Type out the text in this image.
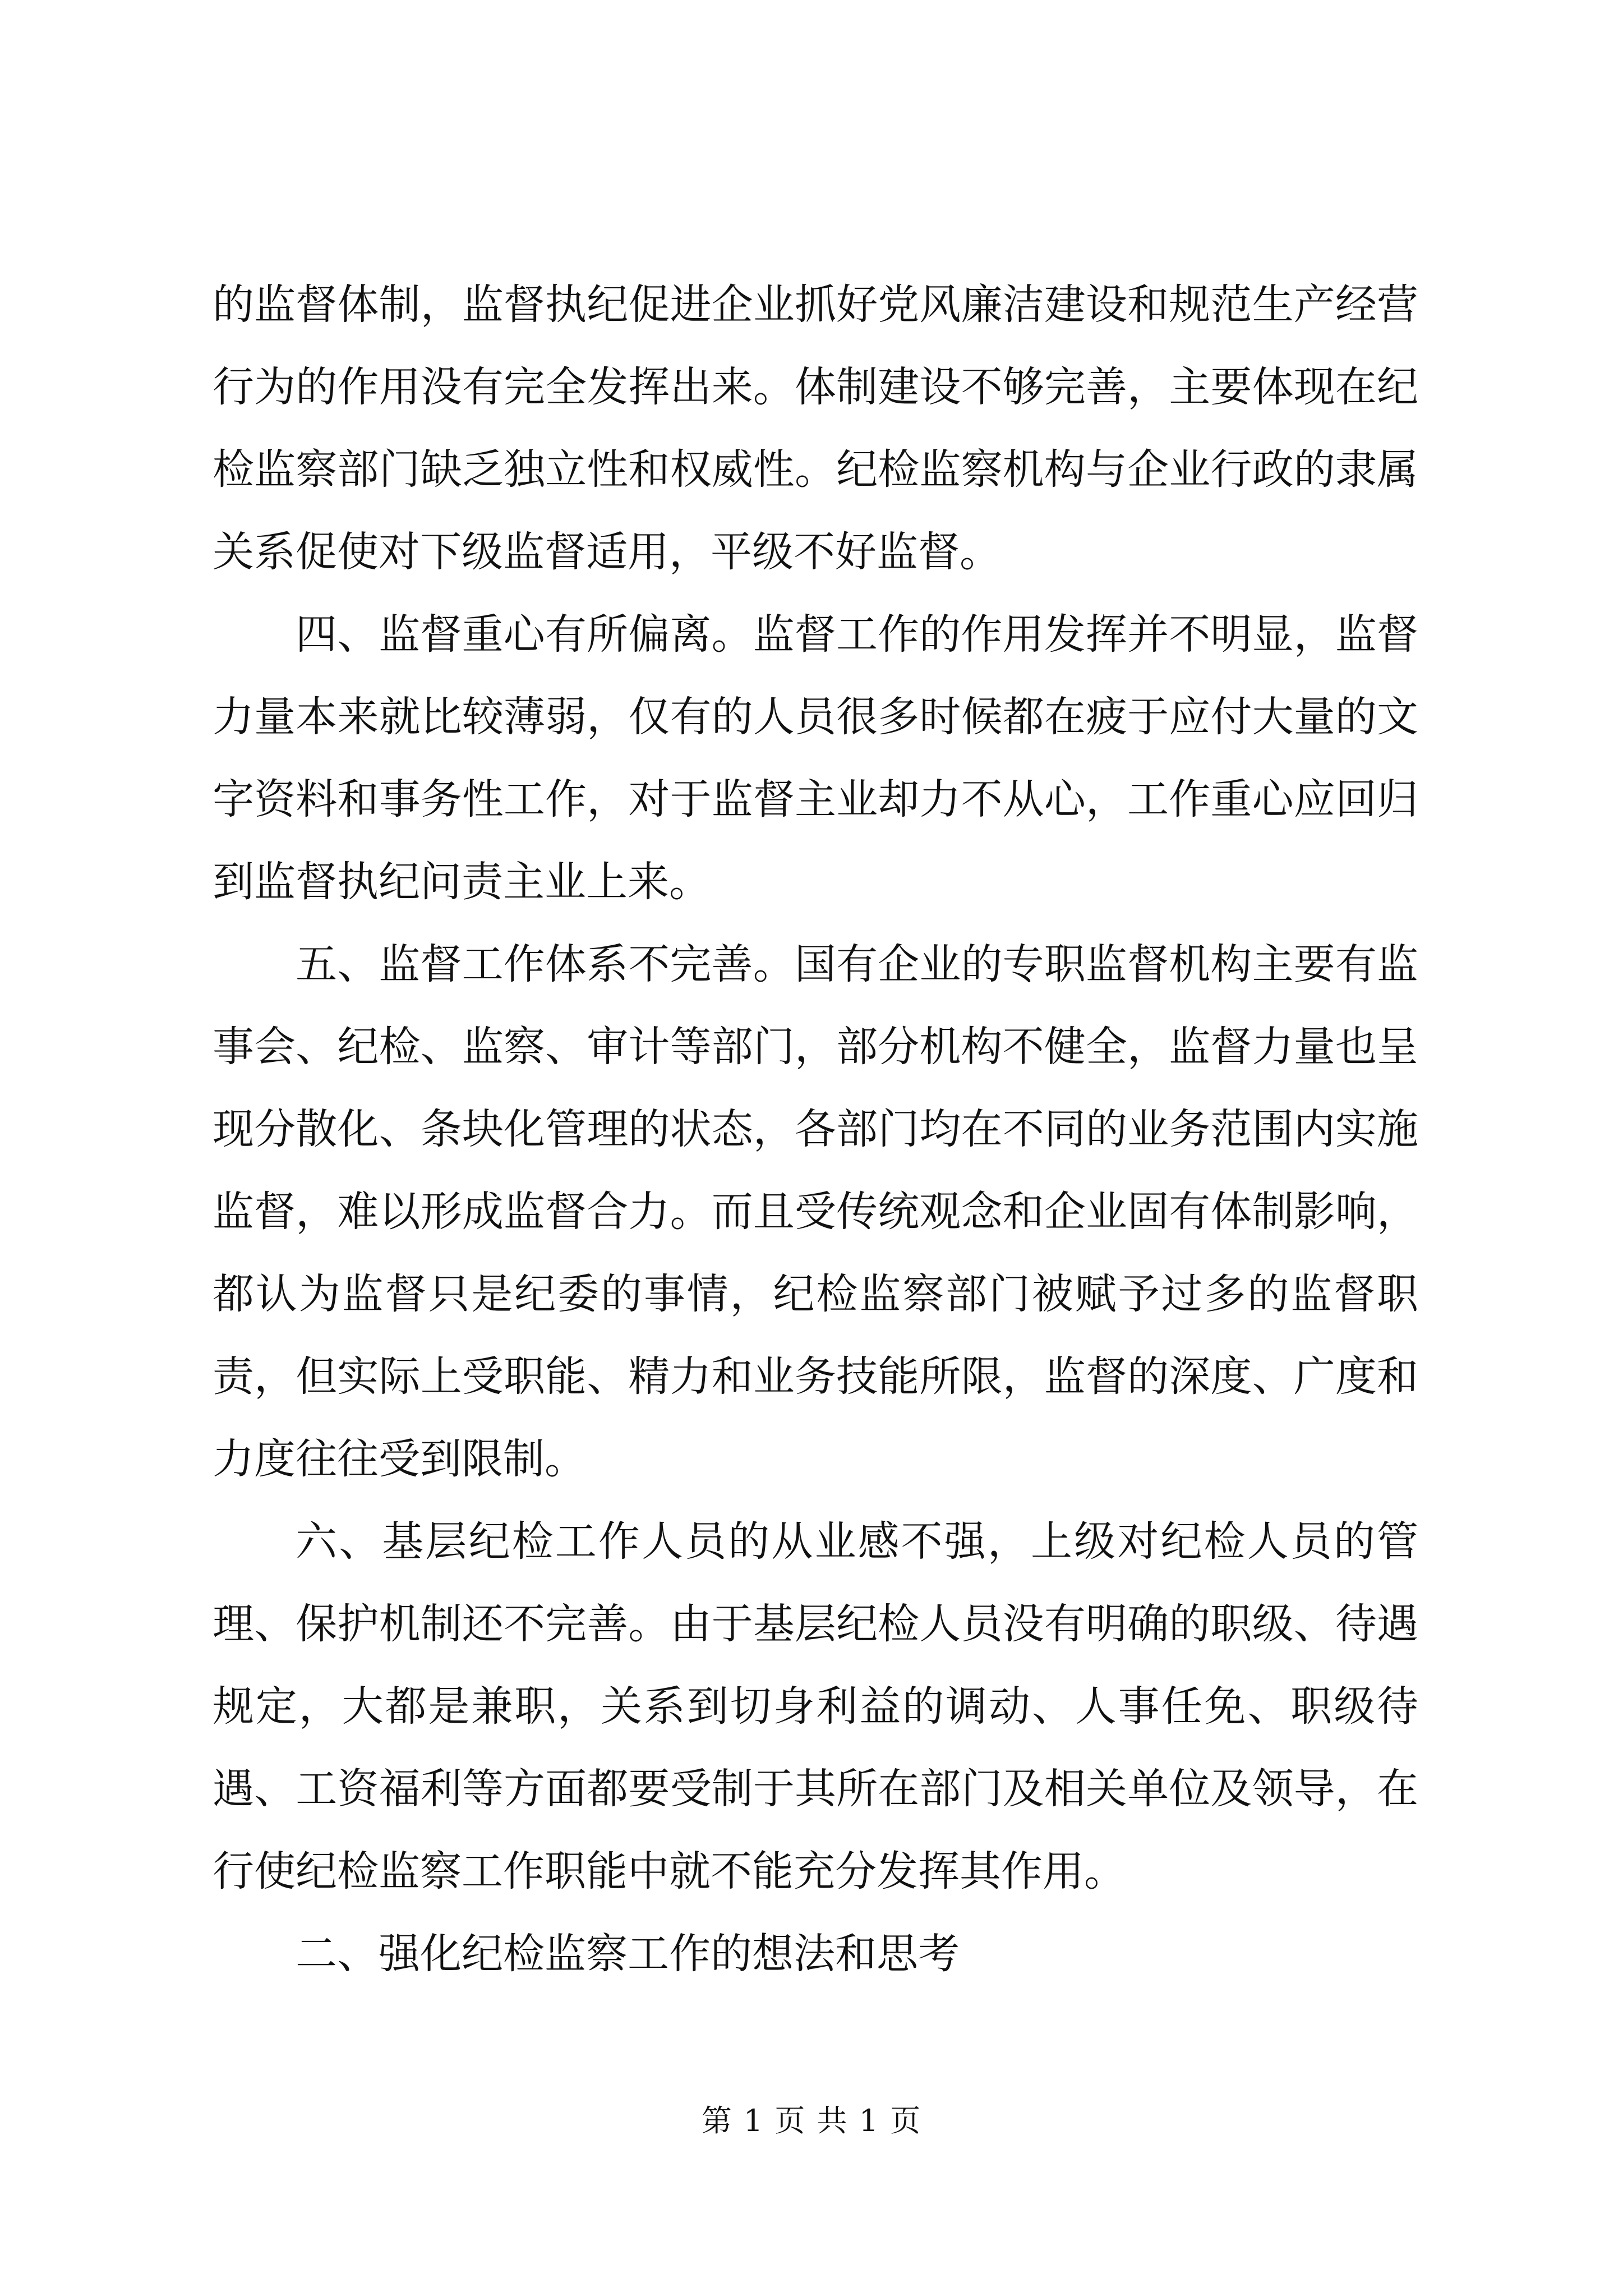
的监督体制，监督执纪促进企业抓好党风廉洁建设和规范生产经营行为的作用没有完全发挥出来。体制建设不够完善，主要体现在纪检监察部门缺乏独立性和权威性。纪检监察机构与企业行政的隶属关系促使对下级监督适用，平级不好监督。

四、监督重心有所偏离。监督工作的作用发挥并不明显，监督力量本来就比较薄弱，仅有的人员很多时候都在疲于应付大量的文字资料和事务性工作，对于监督主业却力不从心，工作重心应回归到监督执纪问责主业上来。

五、监督工作体系不完善。国有企业的专职监督机构主要有监事会、纪检、监察、审计等部门，部分机构不健全，监督力量也呈现分散化、条块化管理的状态，各部门均在不同的业务范围内实施监督，难以形成监督合力。而且受传统观念和企业固有体制影响，都认为监督只是纪委的事情，纪检监察部门被赋予过多的监督职责，但实际上受职能、精力和业务技能所限，监督的深度、广度和力度往往受到限制。

六、基层纪检工作人员的从业感不强，上级对纪检人员的管理、保护机制还不完善。由于基层纪检人员没有明确的职级、待遇规定，大都是兼职，关系到切身利益的调动、人事任免、职级待遇、工资福利等方面都要受制于其所在部门及相关单位及领导，在行使纪检监察工作职能中就不能充分发挥其作用。

二、强化纪检监察工作的想法和思考

第 1 页 共 1 页
